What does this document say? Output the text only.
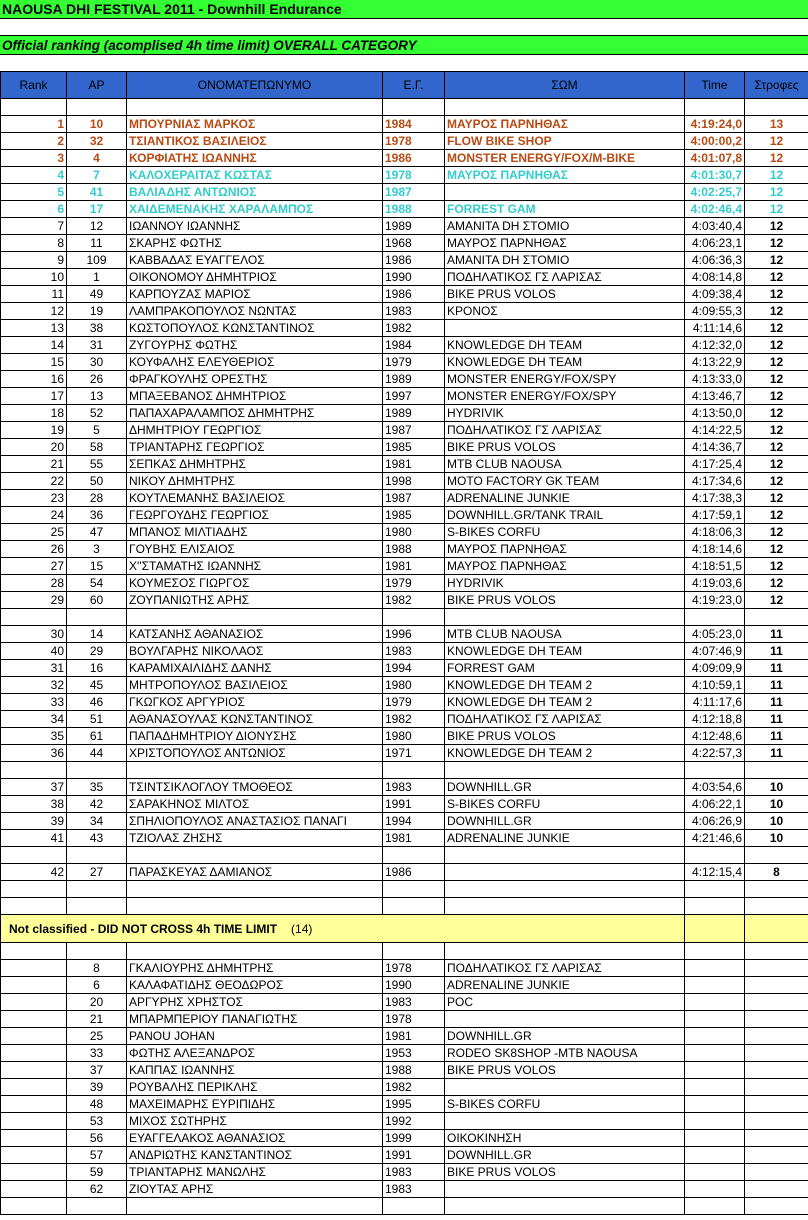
NAOUSA DHI FESTIVAL 2011 - Downhill Endurance
Official ranking (acomplised 4h time limit) OVERALL CATEGORY
Rank	ΑΡ	ΟΝΟΜΑΤΕΠΩΝΥΜΟ	Ε.Γ.	ΣΩΜ	Time	Στροφες

1	10	ΜΠΟΥΡΝΙΑΣ ΜΑΡΚΟΣ	1984	ΜΑΥΡΟΣ ΠΑΡΝΗΘΑΣ	4:19:24,0	13
2	32	ΤΣΙΑΝΤΙΚΟΣ ΒΑΣΙΛΕΙΟΣ	1978	FLOW BIKE SHOP	4:00:00,2	12
3	4	ΚΟΡΦΙΑΤΗΣ ΙΩΑΝΝΗΣ	1986	MONSTER ENERGY/FOX/M-BIKE	4:01:07,8	12
4	7	ΚΑΛΟΧΕΡΑΙΤΑΣ ΚΩΣΤΑΣ	1978	ΜΑΥΡΟΣ ΠΑΡΝΗΘΑΣ	4:01:30,7	12
5	41	ΒΑΛΙΑΔΗΣ ΑΝΤΩΝΙΟΣ	1987		4:02:25,7	12
6	17	ΧΑΙΔΕΜΕΝΑΚΗΣ ΧΑΡΑΛΑΜΠΟΣ	1988	FORREST GAM	4:02:46,4	12
7	12	ΙΩΑΝΝΟΥ ΙΩΑΝΝΗΣ	1989	ΑΜΑΝΙΤΑ DH ΣΤΟΜΙΟ	4:03:40,4	12
8	11	ΣΚΑΡΗΣ ΦΩΤΗΣ	1968	ΜΑΥΡΟΣ ΠΑΡΝΗΘΑΣ	4:06:23,1	12
9	109	ΚΑΒΒΑΔΑΣ ΕΥΑΓΓΕΛΟΣ	1986	ΑΜΑΝΙΤΑ DH ΣΤΟΜΙΟ	4:06:36,3	12
10	1	ΟΙΚΟΝΟΜΟΥ ΔΗΜΗΤΡΙΟΣ	1990	ΠΟΔΗΛΑΤΙΚΟΣ ΓΣ ΛΑΡΙΣΑΣ	4:08:14,8	12
11	49	ΚΑΡΠΟΥΖΑΣ ΜΑΡΙΟΣ	1986	BIKE PRUS VOLOS	4:09:38,4	12
12	19	ΛΑΜΠΡΑΚΟΠΟΥΛΟΣ ΝΩΝΤΑΣ	1983	ΚΡΟΝΟΣ	4:09:55,3	12
13	38	ΚΩΣΤΟΠΟΥΛΟΣ ΚΩΝΣΤΑΝΤΙΝΟΣ	1982		4:11:14,6	12
14	31	ΖΥΓΟΥΡΗΣ ΦΩΤΗΣ	1984	KNOWLEDGE DH TEAM	4:12:32,0	12
15	30	ΚΟΥΦΑΛΗΣ ΕΛΕΥΘΕΡΙΟΣ	1979	KNOWLEDGE DH TEAM	4:13:22,9	12
16	26	ΦΡΑΓΚΟΥΛΗΣ ΟΡΕΣΤΗΣ	1989	MONSTER ENERGY/FOX/SPY	4:13:33,0	12
17	13	ΜΠΑΞΕΒΑΝΟΣ ΔΗΜΗΤΡΙΟΣ	1997	MONSTER ENERGY/FOX/SPY	4:13:46,7	12
18	52	ΠΑΠΑΧΑΡΑΛΑΜΠΟΣ ΔΗΜΗΤΡΗΣ	1989	HYDRIVIK	4:13:50,0	12
19	5	ΔΗΜΗΤΡΙΟΥ ΓΕΩΡΓΙΟΣ	1987	ΠΟΔΗΛΑΤΙΚΟΣ ΓΣ ΛΑΡΙΣΑΣ	4:14:22,5	12
20	58	ΤΡΙΑΝΤΑΡΗΣ ΓΕΩΡΓΙΟΣ	1985	BIKE PRUS VOLOS	4:14:36,7	12
21	55	ΣΕΠΚΑΣ ΔΗΜΗΤΡΗΣ	1981	MTB CLUB NAOUSA	4:17:25,4	12
22	50	ΝΙΚΟΥ ΔΗΜΗΤΡΗΣ	1998	MOTO FACTORY GK TEAM	4:17:34,6	12
23	28	ΚΟΥΤΛΕΜΑΝΗΣ ΒΑΣΙΛΕΙΟΣ	1987	ADRENALINE JUNKIE	4:17:38,3	12
24	36	ΓΕΩΡΓΟΥΔΗΣ ΓΕΩΡΓΙΟΣ	1985	DOWNHILL.GR/TANK TRAIL	4:17:59,1	12
25	47	ΜΠΑΝΟΣ ΜΙΛΤΙΑΔΗΣ	1980	S-BIKES CORFU	4:18:06,3	12
26	3	ΓΟΥΒΗΣ ΕΛΙΣΑΙΟΣ	1988	ΜΑΥΡΟΣ ΠΑΡΝΗΘΑΣ	4:18:14,6	12
27	15	Χ''ΣΤΑΜΑΤΗΣ ΙΩΑΝΝΗΣ	1981	ΜΑΥΡΟΣ ΠΑΡΝΗΘΑΣ	4:18:51,5	12
28	54	ΚΟΥΜΕΣΟΣ ΓΙΩΡΓΟΣ	1979	HYDRIVIK	4:19:03,6	12
29	60	ΖΟΥΠΑΝΙΩΤΗΣ ΑΡΗΣ	1982	BIKE PRUS VOLOS	4:19:23,0	12

30	14	ΚΑΤΣΑΝΗΣ ΑΘΑΝΑΣΙΟΣ	1996	MTB CLUB NAOUSA	4:05:23,0	11
40	29	ΒΟΥΛΓΑΡΗΣ ΝΙΚΟΛΑΟΣ	1983	KNOWLEDGE DH TEAM	4:07:46,9	11
31	16	ΚΑΡΑΜΙΧΑΙΛΙΔΗΣ ΔΑΝΗΣ	1994	FORREST GAM	4:09:09,9	11
32	45	ΜΗΤΡΟΠΟΥΛΟΣ ΒΑΣΙΛΕΙΟΣ	1980	KNOWLEDGE DH TEAM 2	4:10:59,1	11
33	46	ΓΚΩΓΚΟΣ ΑΡΓΥΡΙΟΣ	1979	KNOWLEDGE DH TEAM 2	4:11:17,6	11
34	51	ΑΘΑΝΑΣΟΥΛΑΣ ΚΩΝΣΤΑΝΤΙΝΟΣ	1982	ΠΟΔΗΛΑΤΙΚΟΣ ΓΣ ΛΑΡΙΣΑΣ	4:12:18,8	11
35	61	ΠΑΠΑΔΗΜΗΤΡΙΟΥ ΔΙΟΝΥΣΗΣ	1980	BIKE PRUS VOLOS	4:12:48,6	11
36	44	ΧΡΙΣΤΟΠΟΥΛΟΣ ΑΝΤΩΝΙΟΣ	1971	KNOWLEDGE DH TEAM 2	4:22:57,3	11

37	35	ΤΣΙΝΤΣΙΚΛΟΓΛΟΥ ΤΜΟΘΕΟΣ	1983	DOWNHILL.GR	4:03:54,6	10
38	42	ΣΑΡΑΚΗΝΟΣ ΜΙΛΤΟΣ	1991	S-BIKES CORFU	4:06:22,1	10
39	34	ΣΠΗΛΙΟΠΟΥΛΟΣ ΑΝΑΣΤΑΣΙΟΣ ΠΑΝΑΓΙ	1994	DOWNHILL.GR	4:06:26,9	10
41	43	ΤΖΙΟΛΑΣ ΖΗΣΗΣ	1981	ADRENALINE JUNKIE	4:21:46,6	10

42	27	ΠΑΡΑΣΚΕΥΑΣ ΔΑΜΙΑΝΟΣ	1986		4:12:15,4	8

Not classified - DID NOT CROSS 4h TIME LIMIT (14)						

	8	ΓΚΑΛΙΟΥΡΗΣ ΔΗΜΗΤΡΗΣ	1978	ΠΟΔΗΛΑΤΙΚΟΣ ΓΣ ΛΑΡΙΣΑΣ		
	6	ΚΑΛΑΦΑΤΙΔΗΣ ΘΕΟΔΩΡΟΣ	1990	ADRENALINE JUNKIE		
	20	ΑΡΓΥΡΗΣ ΧΡΗΣΤΟΣ	1983	POC		
	21	ΜΠΑΡΜΠΕΡΙΟΥ ΠΑΝΑΓΙΩΤΗΣ	1978			
	25	PANOU JOHAN	1981	DOWNHILL.GR		
	33	ΦΩΤΗΣ ΑΛΕΞΑΝΔΡΟΣ	1953	RODEO SK8SHOP -MTB NAOUSA		
	37	ΚΑΠΠΑΣ ΙΩΑΝΝΗΣ	1988	BIKE PRUS VOLOS		
	39	ΡΟΥΒΑΛΗΣ ΠΕΡΙΚΛΗΣ	1982			
	48	ΜΑΧΕΙΜΑΡΗΣ ΕΥΡΙΠΙΔΗΣ	1995	S-BIKES CORFU		
	53	ΜΙΧΟΣ ΣΩΤΗΡΗΣ	1992			
	56	ΕΥΑΓΓΕΛΑΚΟΣ ΑΘΑΝΑΣΙΟΣ	1999	ΟΙΚΟΚΙΝΗΣΗ		
	57	ΑΝΔΡΙΩΤΗΣ ΚΑΝΣΤΑΝΤΙΝΟΣ	1991	DOWNHILL.GR		
	59	ΤΡΙΑΝΤΑΡΗΣ ΜΑΝΩΛΗΣ	1983	BIKE PRUS VOLOS		
	62	ΖΙΟΥΤΑΣ ΑΡΗΣ	1983			
